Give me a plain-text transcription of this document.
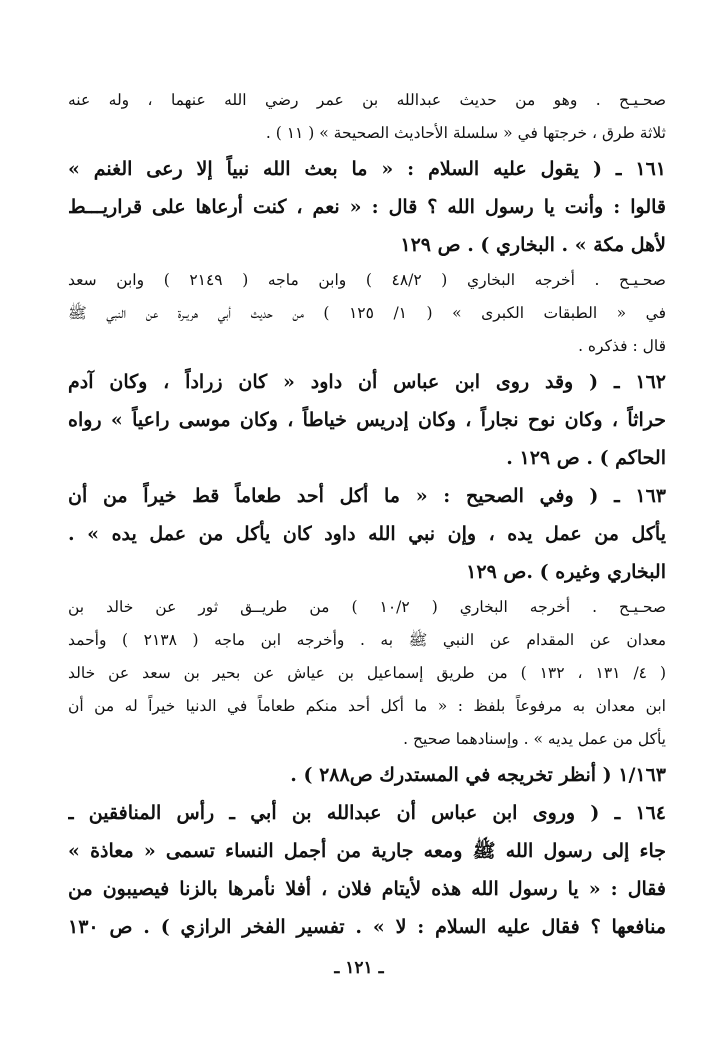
صحـيـح . وهو من حديث عبدالله بن عمر رضي الله عنهما ، وله عنه

ثلاثة طرق ، خرجتها في « سلسلة الأحاديث الصحيحة » ( ١١ ) .

١٦١ ـ ( يقول عليه السلام : « ما بعث الله نبياً إلا رعى الغنم »

قالوا : وأنت يا رسول الله ؟ قال : « نعم ، كنت أرعاها على قراريـــط

لأهل مكة » . البخاري ) . ص ١٢٩

صحـيـح . أخرجه البخاري ( ٤٨/٢ ) وابن ماجه ( ٢١٤٩ ) وابن سعد

في « الطبقات الكبرى » ( ١/ ١٢٥ ) من حديث أبي هريـرة عن النبي ﷺ

قال : فذكره .

١٦٢ ـ ( وقد روى ابن عباس أن داود « كان زراداً ، وكان آدم

حراثاً ، وكان نوح نجاراً ، وكان إدريس خياطاً ، وكان موسى راعياً » رواه

الحاكم ) . ص ١٢٩ .

١٦٣ ـ ( وفي الصحيح : « ما أكل أحد طعاماً قط خيراً من أن

يأكل من عمل يده ، وإن نبي الله داود كان يأكل من عمل يده » .

البخاري وغيره ) .ص ١٢٩

صحـيـح . أخرجه البخاري ( ١٠/٢ ) من طريــق ثور عن خالد بن

معدان عن المقدام عن النبي ﷺ به . وأخرجه ابن ماجه ( ٢١٣٨ ) وأحمد

( ٤/ ١٣١ ، ١٣٢ ) من طريق إسماعيل بن عياش عن بحير بن سعد عن خالد

ابن معدان به مرفوعاً بلفظ : « ما أكل أحد منكم طعاماً في الدنيا خيراً له من أن

يأكل من عمل يديه » . وإسنادهما صحيح .

١/١٦٣ ( أنظر تخريجه في المستدرك ص٢٨٨ ) .

١٦٤ ـ ( وروى ابن عباس أن عبدالله بن أبي ـ رأس المنافقين ـ

جاء إلى رسول الله ﷺ ومعه جارية من أجمل النساء تسمى « معاذة »

فقال : « يا رسول الله هذه لأيتام فلان ، أفلا نأمرها بالزنا فيصيبون من

منافعها ؟ فقال عليه السلام : لا » . تفسير الفخر الرازي ) . ص ١٣٠

ـ ١٢١ ـ
